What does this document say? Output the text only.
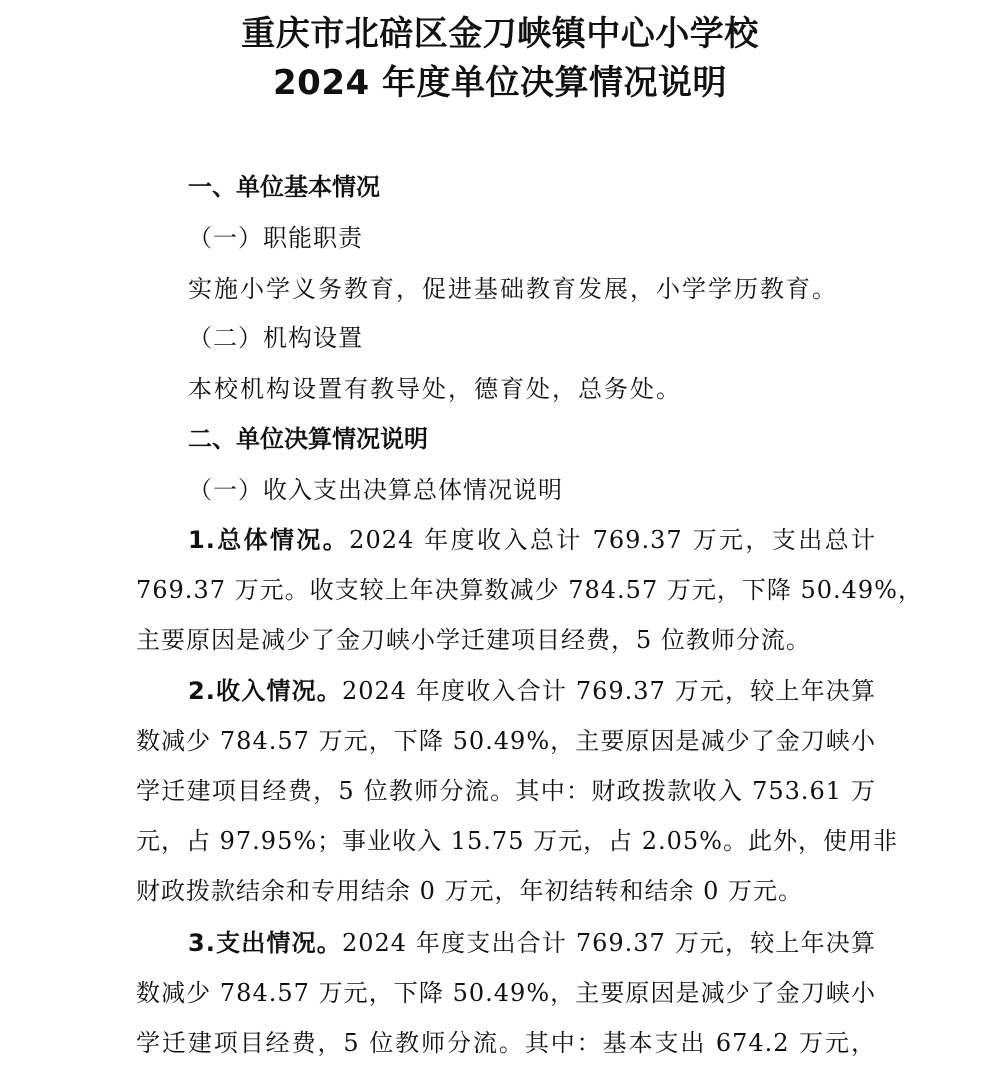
重庆市北碚区金刀峡镇中心小学校
2024 年度单位决算情况说明
一、单位基本情况
（一）职能职责
实施小学义务教育，促进基础教育发展，小学学历教育。
（二）机构设置
本校机构设置有教导处，德育处，总务处。
二、单位决算情况说明
（一）收入支出决算总体情况说明
1.总体情况。2024 年度收入总计 769.37 万元，支出总计
769.37 万元。收支较上年决算数减少 784.57 万元，下降 50.49%，
主要原因是减少了金刀峡小学迁建项目经费，5 位教师分流。
2.收入情况。2024 年度收入合计 769.37 万元，较上年决算
数减少 784.57 万元，下降 50.49%，主要原因是减少了金刀峡小
学迁建项目经费，5 位教师分流。其中：财政拨款收入 753.61 万
元，占 97.95%；事业收入 15.75 万元，占 2.05%。此外，使用非
财政拨款结余和专用结余 0 万元，年初结转和结余 0 万元。
3.支出情况。2024 年度支出合计 769.37 万元，较上年决算
数减少 784.57 万元，下降 50.49%，主要原因是减少了金刀峡小
学迁建项目经费，5 位教师分流。其中：基本支出 674.2 万元，
